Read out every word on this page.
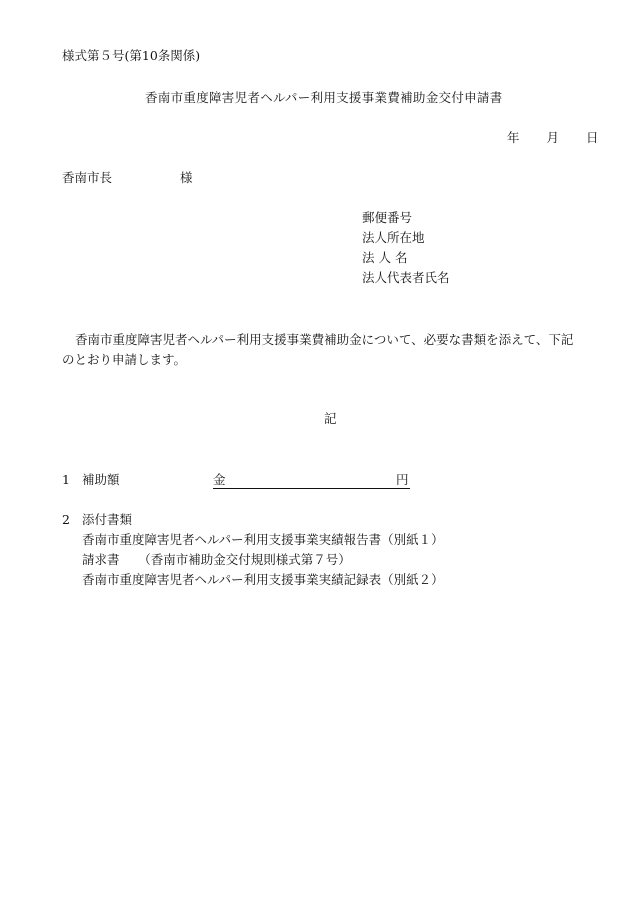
様式第５号(第10条関係)
香南市重度障害児者ヘルパー利用支援事業費補助金交付申請書
年 月 日
香南市長	様
郵便番号
法人所在地
法 人 名
法人代表者氏名
香南市重度障害児者ヘルパー利用支援事業費補助金について、必要な書類を添えて、下記
のとおり申請します。
記
1 補助額	金	円
2 添付書類
香南市重度障害児者ヘルパー利用支援事業実績報告書（別紙１）
請求書　　（香南市補助金交付規則様式第７号）
香南市重度障害児者ヘルパー利用支援事業実績記録表（別紙２）
